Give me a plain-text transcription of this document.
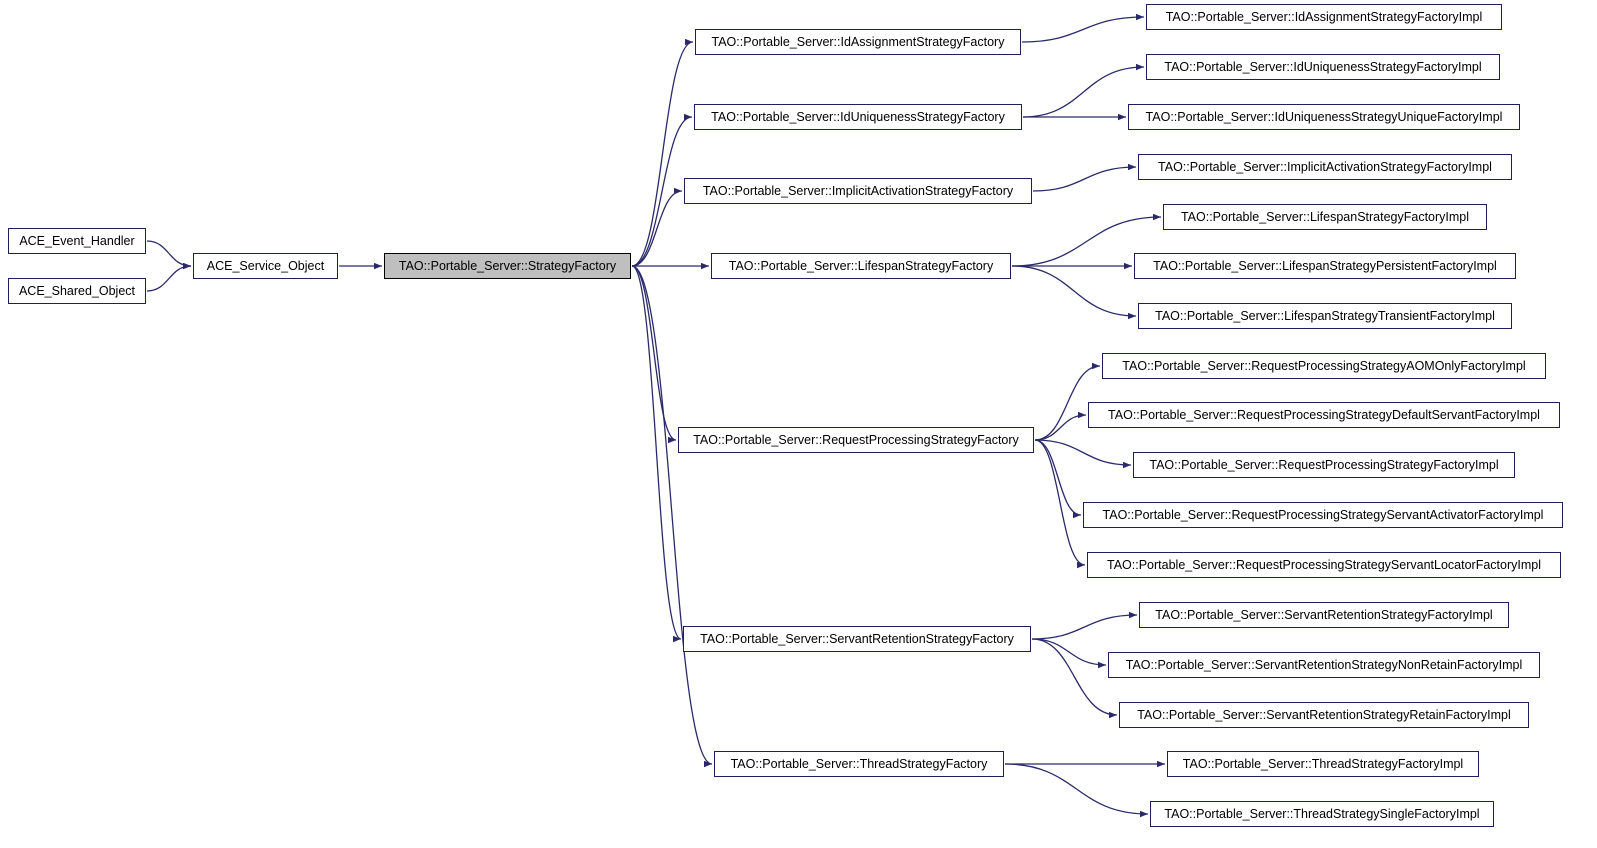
ACE_Event_Handler
ACE_Shared_Object
ACE_Service_Object	TAO::Portable_Server::StrategyFactory
TAO::Portable_Server::IdAssignmentStrategyFactory
TAO::Portable_Server::IdUniquenessStrategyFactory
TAO::Portable_Server::ImplicitActivationStrategyFactory
TAO::Portable_Server::LifespanStrategyFactory
TAO::Portable_Server::RequestProcessingStrategyFactory
TAO::Portable_Server::ServantRetentionStrategyFactory
TAO::Portable_Server::ThreadStrategyFactory
TAO::Portable_Server::IdAssignmentStrategyFactoryImpl
TAO::Portable_Server::IdUniquenessStrategyFactoryImpl
TAO::Portable_Server::IdUniquenessStrategyUniqueFactoryImpl
TAO::Portable_Server::ImplicitActivationStrategyFactoryImpl
TAO::Portable_Server::LifespanStrategyFactoryImpl
TAO::Portable_Server::LifespanStrategyPersistentFactoryImpl
TAO::Portable_Server::LifespanStrategyTransientFactoryImpl
TAO::Portable_Server::RequestProcessingStrategyAOMOnlyFactoryImpl
TAO::Portable_Server::RequestProcessingStrategyDefaultServantFactoryImpl
TAO::Portable_Server::RequestProcessingStrategyFactoryImpl
TAO::Portable_Server::RequestProcessingStrategyServantActivatorFactoryImpl
TAO::Portable_Server::RequestProcessingStrategyServantLocatorFactoryImpl
TAO::Portable_Server::ServantRetentionStrategyFactoryImpl
TAO::Portable_Server::ServantRetentionStrategyNonRetainFactoryImpl
TAO::Portable_Server::ServantRetentionStrategyRetainFactoryImpl
TAO::Portable_Server::ThreadStrategyFactoryImpl
TAO::Portable_Server::ThreadStrategySingleFactoryImpl
